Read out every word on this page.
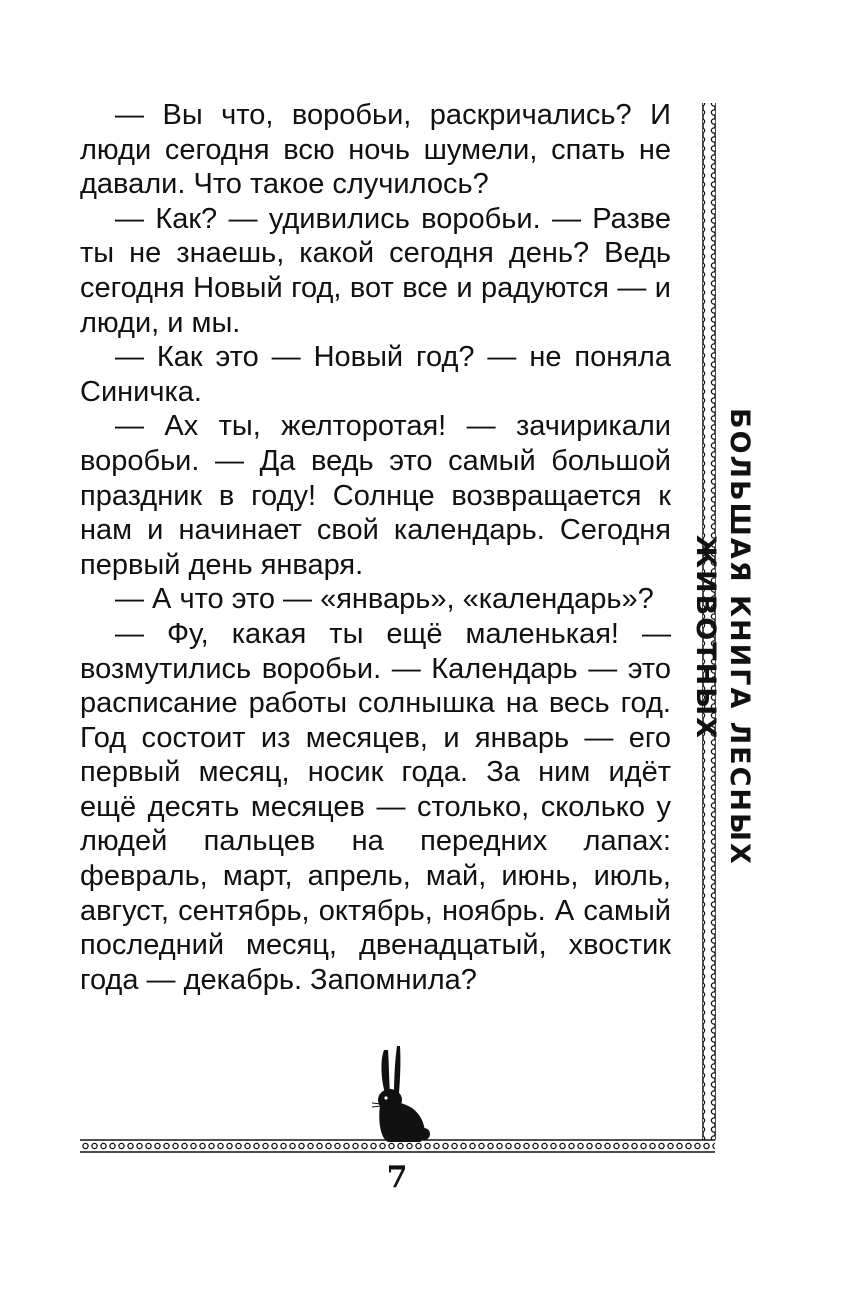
— Вы что, воробьи, раскричались? И люди сегодня всю ночь шумели, спать не давали. Что такое случилось?

— Как? — удивились воробьи. — Разве ты не знаешь, какой сегодня день? Ведь сегодня Новый год, вот все и радуются — и люди, и мы.

— Как это — Новый год? — не поняла Синичка.

— Ах ты, желторотая! — зачирикали воробьи. — Да ведь это самый большой праздник в году! Солнце возвращается к нам и начинает свой календарь. Сегодня первый день января.

— А что это — «январь», «календарь»?

— Фу, какая ты ещё маленькая! — возмутились воробьи. — Календарь — это расписание работы солнышка на весь год. Год состоит из месяцев, и январь — его первый месяц, носик года. За ним идёт ещё десять месяцев — столько, сколько у людей пальцев на передних лапах: февраль, март, апрель, май, июнь, июль, август, сентябрь, октябрь, ноябрь. А самый последний месяц, двенадцатый, хвостик года — декабрь. Запомнила?

БОЛЬШАЯ КНИГА ЛЕСНЫХ ЖИВОТНЫХ
7
